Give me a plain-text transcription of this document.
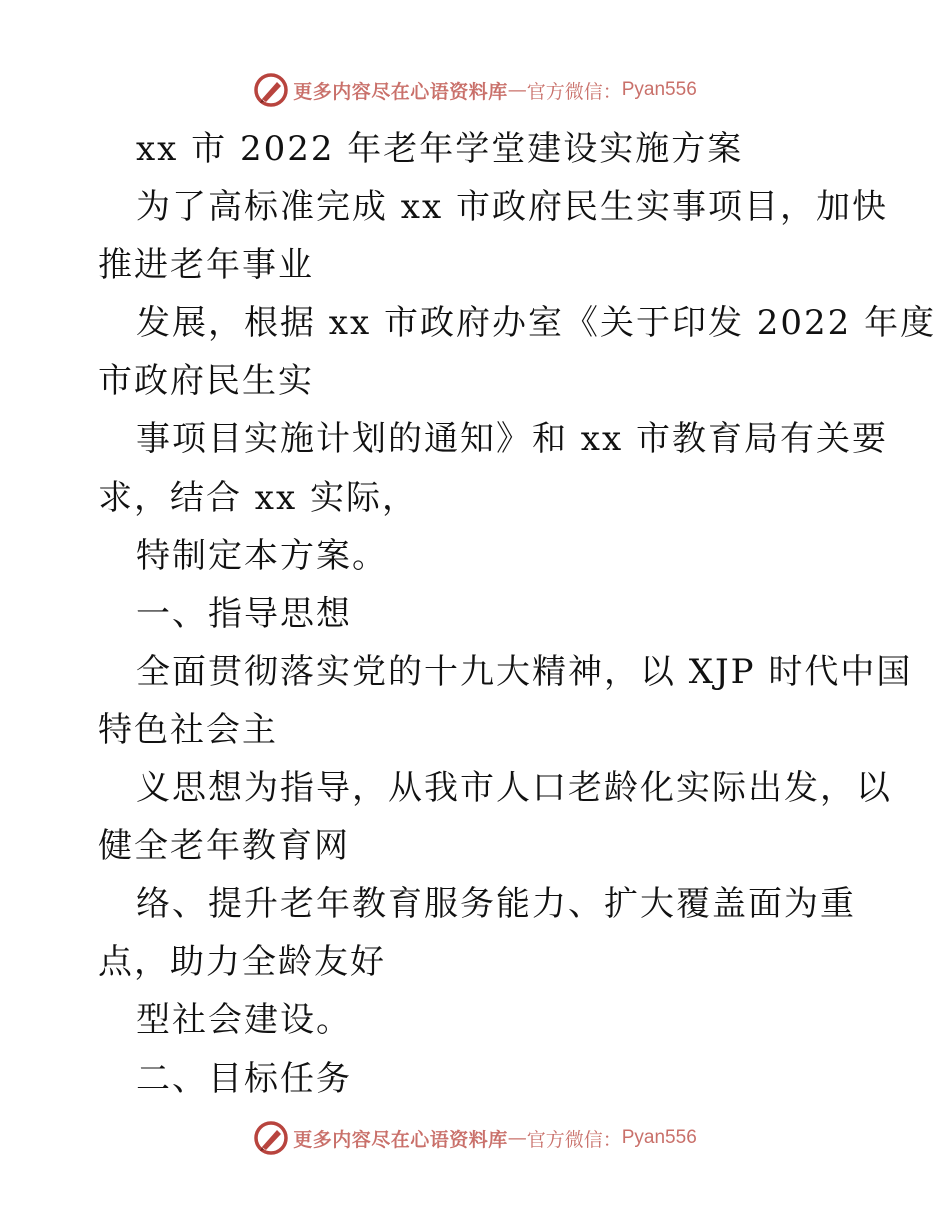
更多内容尽在心语资料库 — 官方微信： Pyan556
xx 市 2022 年老年学堂建设实施方案
为了高标准完成 xx 市政府民生实事项目，加快
推进老年事业
发展，根据 xx 市政府办室《关于印发 2022 年度
市政府民生实
事项目实施计划的通知》和 xx 市教育局有关要
求，结合 xx 实际，
特制定本方案。
一、指导思想
全面贯彻落实党的十九大精神，以 XJP 时代中国
特色社会主
义思想为指导，从我市人口老龄化实际出发，以
健全老年教育网
络、提升老年教育服务能力、扩大覆盖面为重
点，助力全龄友好
型社会建设。
二、目标任务
更多内容尽在心语资料库 — 官方微信： Pyan556
